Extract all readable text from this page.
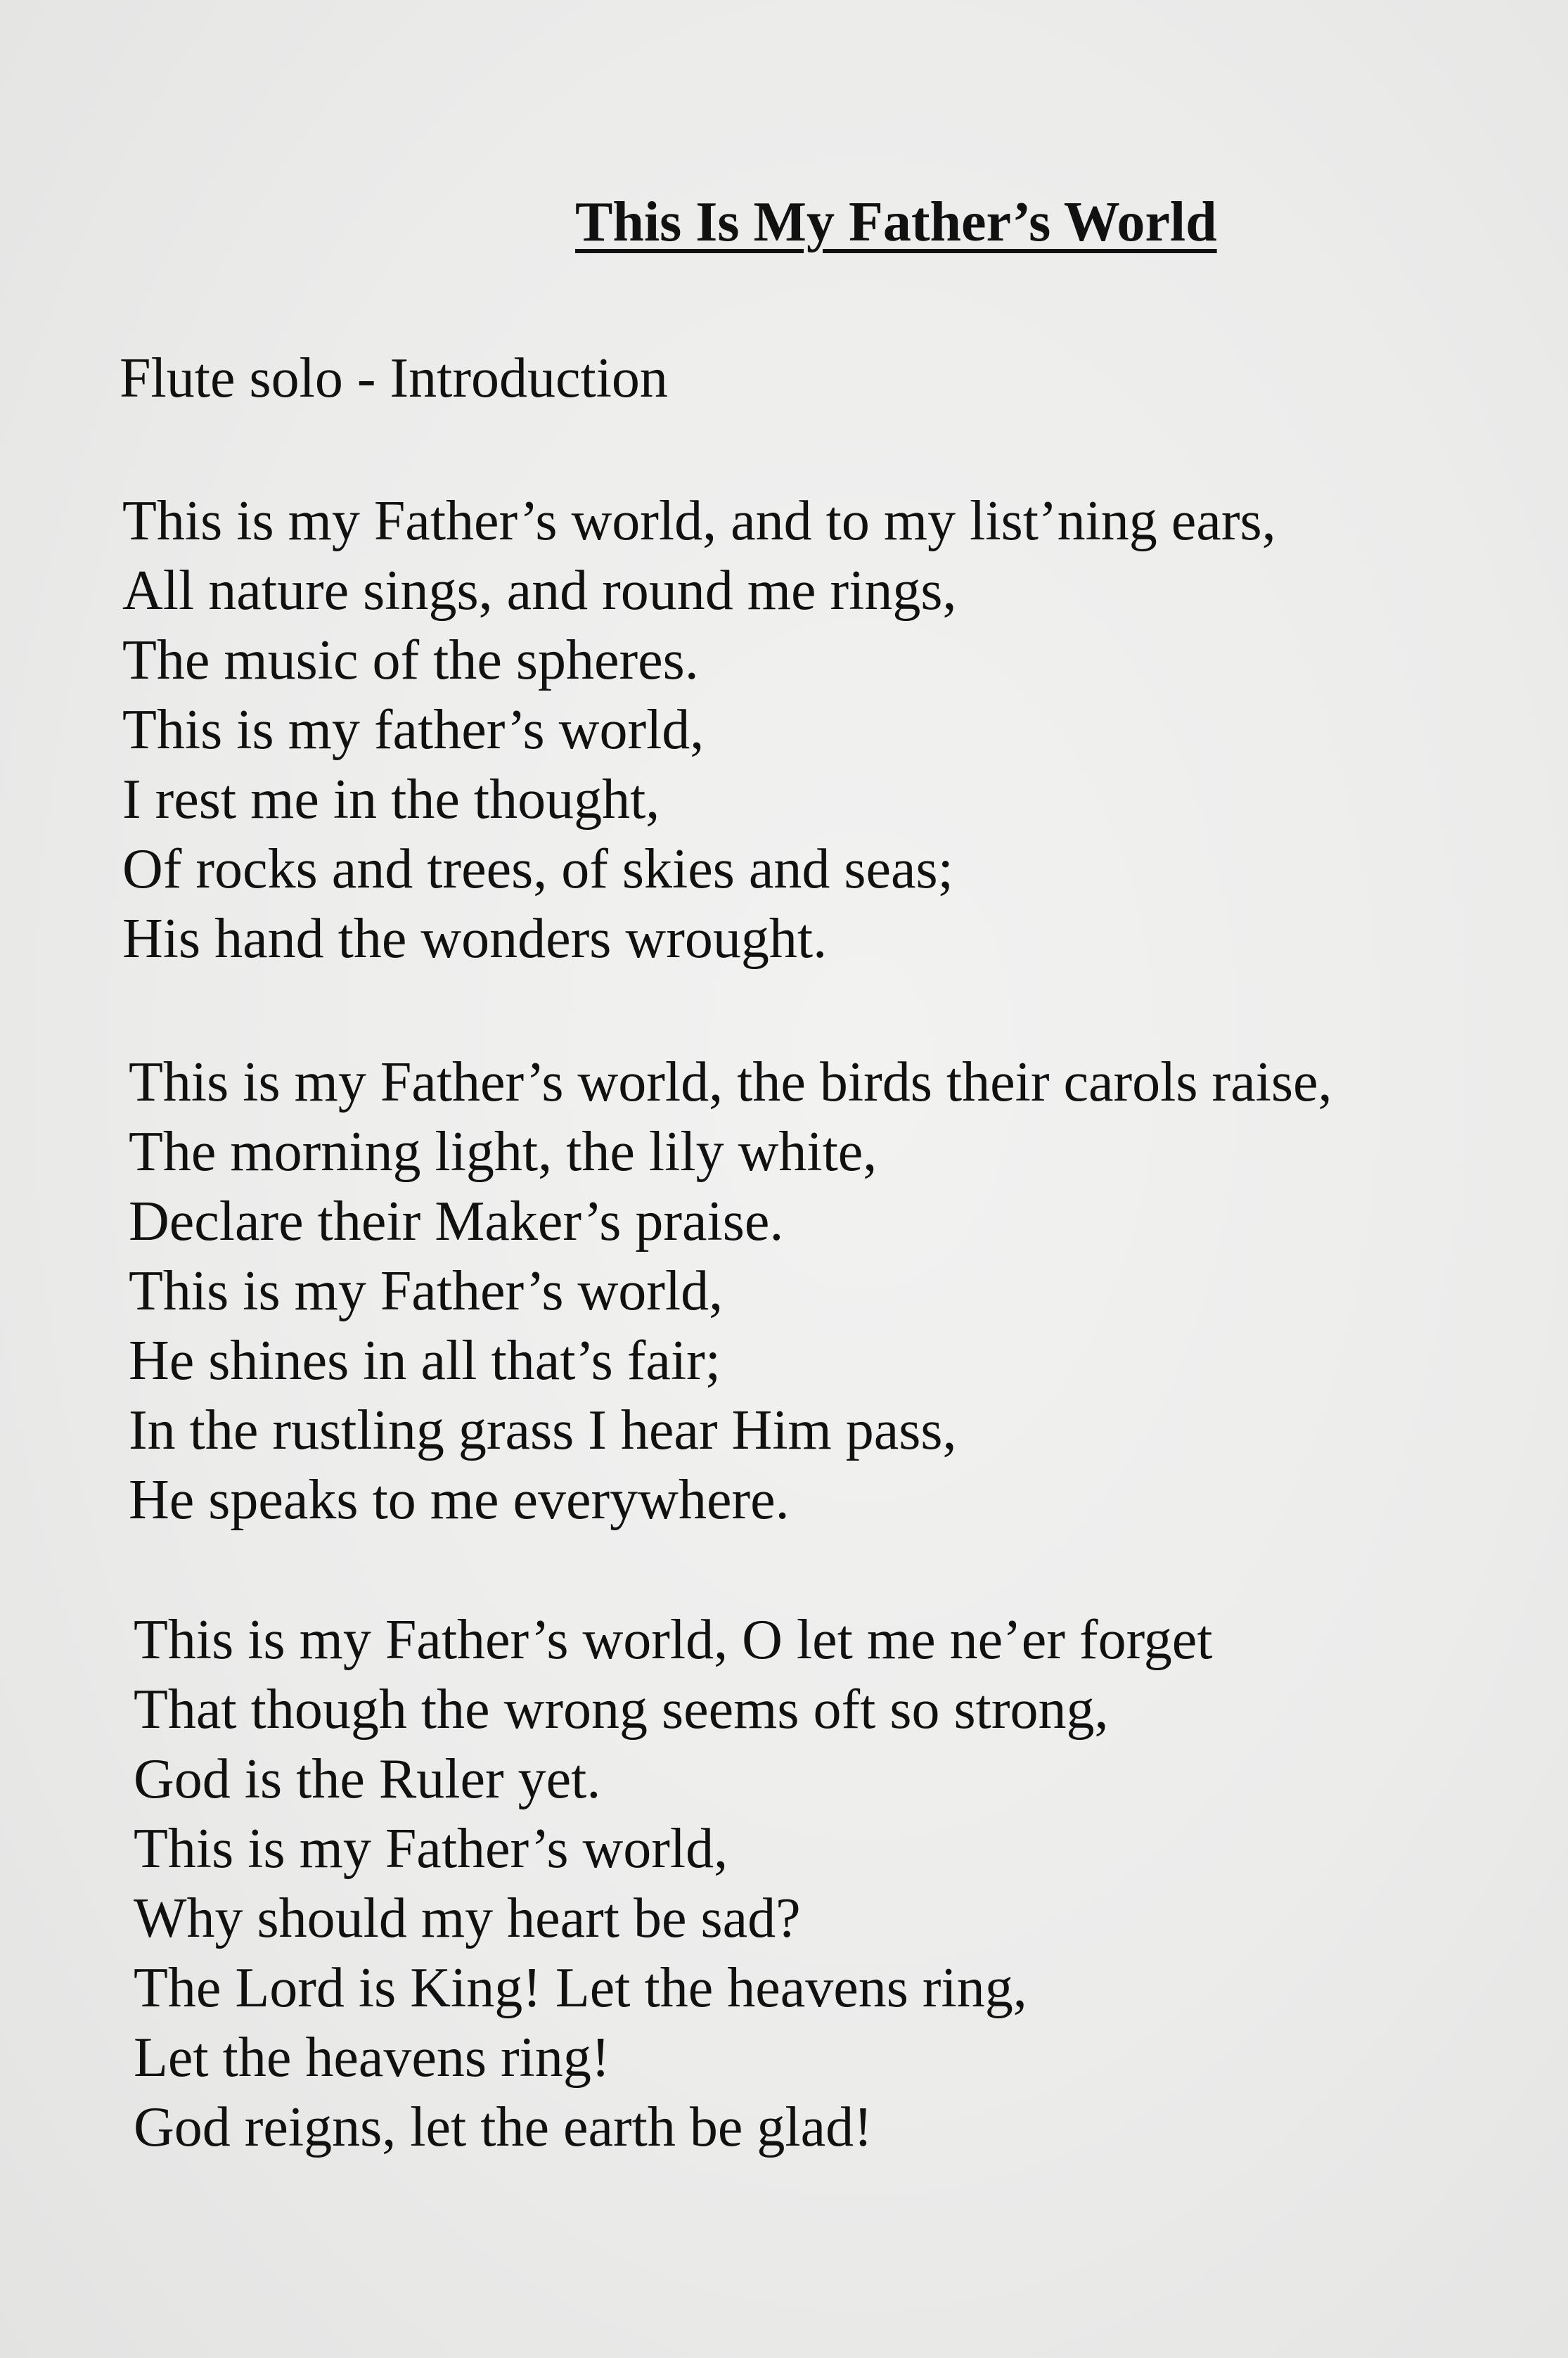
This Is My Father’s World

Flute solo - Introduction

This is my Father’s world, and to my list’ning ears,
All nature sings, and round me rings,
The music of the spheres.
This is my father’s world,
I rest me in the thought,
Of rocks and trees, of skies and seas;
His hand the wonders wrought.
This is my Father’s world, the birds their carols raise,
The morning light, the lily white,
Declare their Maker’s praise.
This is my Father’s world,
He shines in all that’s fair;
In the rustling grass I hear Him pass,
He speaks to me everywhere.
This is my Father’s world, O let me ne’er forget
That though the wrong seems oft so strong,
God is the Ruler yet.
This is my Father’s world,
Why should my heart be sad?
The Lord is King! Let the heavens ring,
Let the heavens ring!
God reigns, let the earth be glad!
